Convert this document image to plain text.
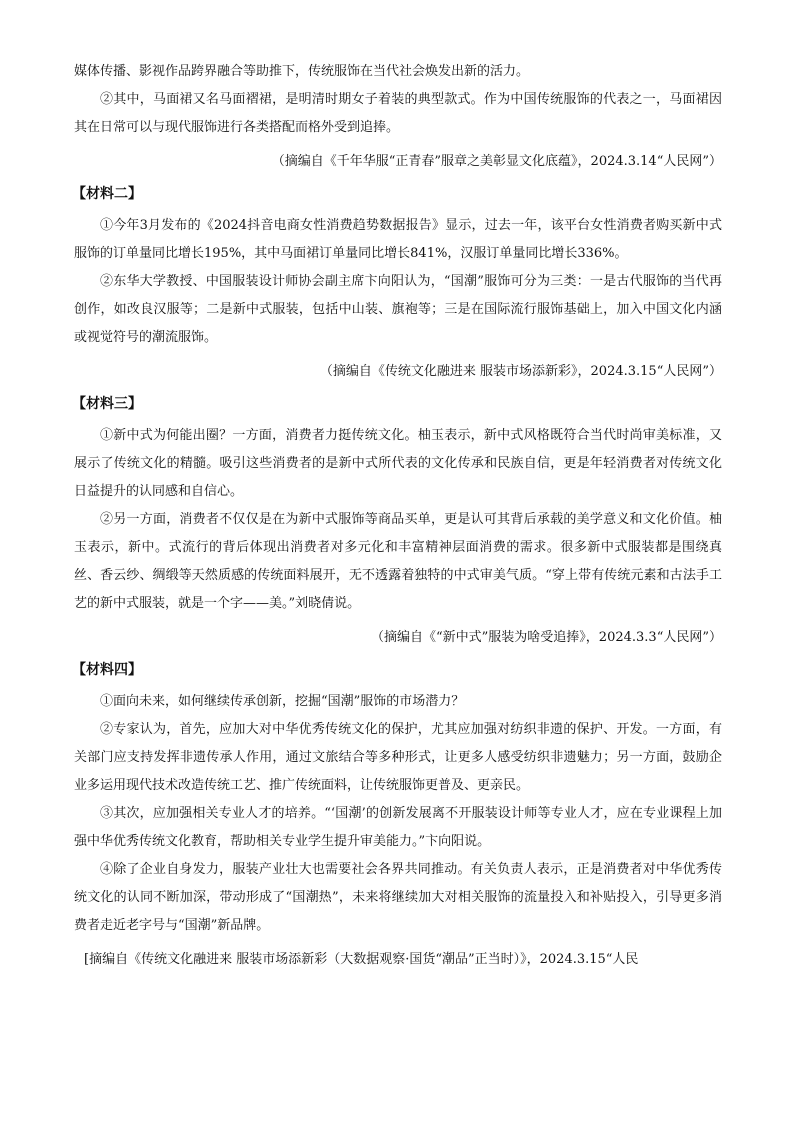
媒体传播、影视作品跨界融合等助推下，传统服饰在当代社会焕发出新的活力。

②其中，马面裙又名马面褶裙，是明清时期女子着装的典型款式。作为中国传统服饰的代表之一，马面裙因其在日常可以与现代服饰进行各类搭配而格外受到追捧。

（摘编自《千年华服“正青春”服章之美彰显文化底蕴》，2024.3.14“人民网”）

【材料二】

①今年3月发布的《2024抖音电商女性消费趋势数据报告》显示，过去一年，该平台女性消费者购买新中式服饰的订单量同比增长195%，其中马面裙订单量同比增长841%，汉服订单量同比增长336%。

②东华大学教授、中国服装设计师协会副主席卞向阳认为，“国潮”服饰可分为三类：一是古代服饰的当代再创作，如改良汉服等；二是新中式服装，包括中山装、旗袍等；三是在国际流行服饰基础上，加入中国文化内涵或视觉符号的潮流服饰。

（摘编自《传统文化融进来 服装市场添新彩》，2024.3.15“人民网”）

【材料三】

①新中式为何能出圈？一方面，消费者力挺传统文化。柚玉表示，新中式风格既符合当代时尚审美标准，又展示了传统文化的精髓。吸引这些消费者的是新中式所代表的文化传承和民族自信，更是年轻消费者对传统文化日益提升的认同感和自信心。

②另一方面，消费者不仅仅是在为新中式服饰等商品买单，更是认可其背后承载的美学意义和文化价值。柚玉表示，新中。式流行的背后体现出消费者对多元化和丰富精神层面消费的需求。很多新中式服装都是围绕真丝、香云纱、绸缎等天然质感的传统面料展开，无不透露着独特的中式审美气质。“穿上带有传统元素和古法手工艺的新中式服装，就是一个字——美。”刘晓倩说。

（摘编自《“新中式”服装为啥受追捧》，2024.3.3“人民网”）

【材料四】

①面向未来，如何继续传承创新，挖掘“国潮”服饰的市场潜力？

②专家认为，首先，应加大对中华优秀传统文化的保护，尤其应加强对纺织非遗的保护、开发。一方面，有关部门应支持发挥非遗传承人作用，通过文旅结合等多种形式，让更多人感受纺织非遗魅力；另一方面，鼓励企业多运用现代技术改造传统工艺、推广传统面料，让传统服饰更普及、更亲民。

③其次，应加强相关专业人才的培养。“‘国潮’的创新发展离不开服装设计师等专业人才，应在专业课程上加强中华优秀传统文化教育，帮助相关专业学生提升审美能力。”卞向阳说。

④除了企业自身发力，服装产业壮大也需要社会各界共同推动。有关负责人表示，正是消费者对中华优秀传统文化的认同不断加深，带动形成了“国潮热”，未来将继续加大对相关服饰的流量投入和补贴投入，引导更多消费者走近老字号与“国潮”新品牌。

[摘编自《传统文化融进来 服装市场添新彩（大数据观察·国货“潮品”正当时）》，2024.3.15“人民
